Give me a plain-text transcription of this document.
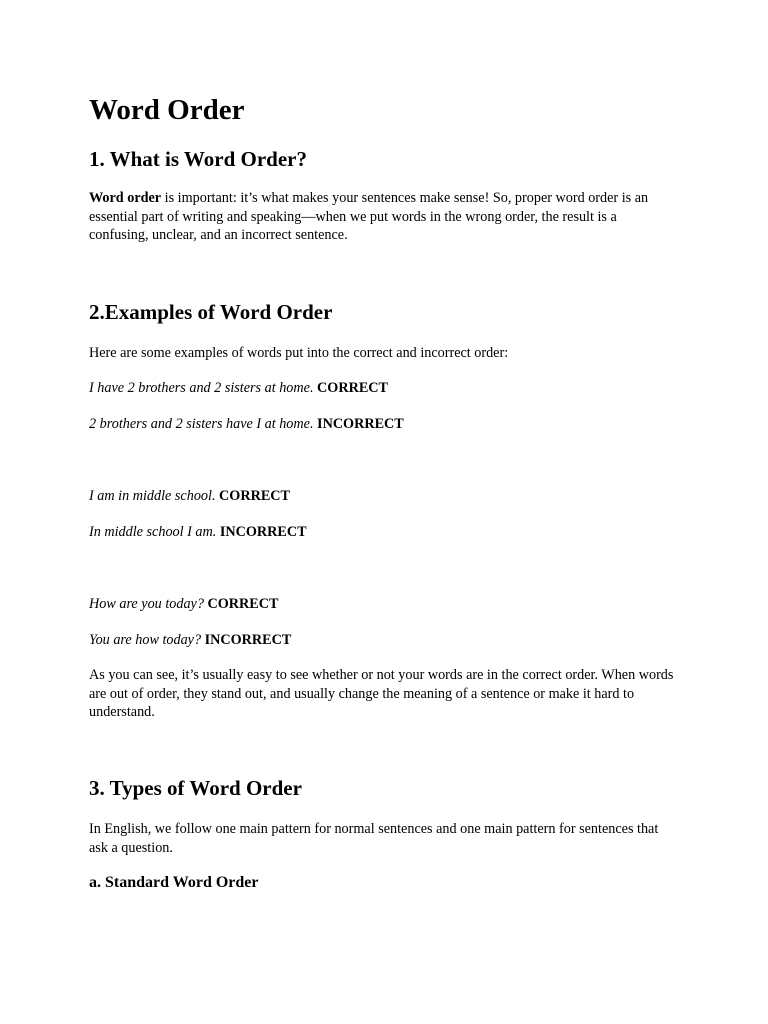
Word Order
1. What is Word Order?

Word order is important: it’s what makes your sentences make sense! So, proper word order is an essential part of writing and speaking—when we put words in the wrong order, the result is a confusing, unclear, and an incorrect sentence.

2.Examples of Word Order

Here are some examples of words put into the correct and incorrect order:

I have 2 brothers and 2 sisters at home. CORRECT

2 brothers and 2 sisters have I at home. INCORRECT

I am in middle school. CORRECT

In middle school I am. INCORRECT

How are you today? CORRECT

You are how today? INCORRECT

As you can see, it’s usually easy to see whether or not your words are in the correct order. When words are out of order, they stand out, and usually change the meaning of a sentence or make it hard to understand.

3. Types of Word Order

In English, we follow one main pattern for normal sentences and one main pattern for sentences that ask a question.

a. Standard Word Order
